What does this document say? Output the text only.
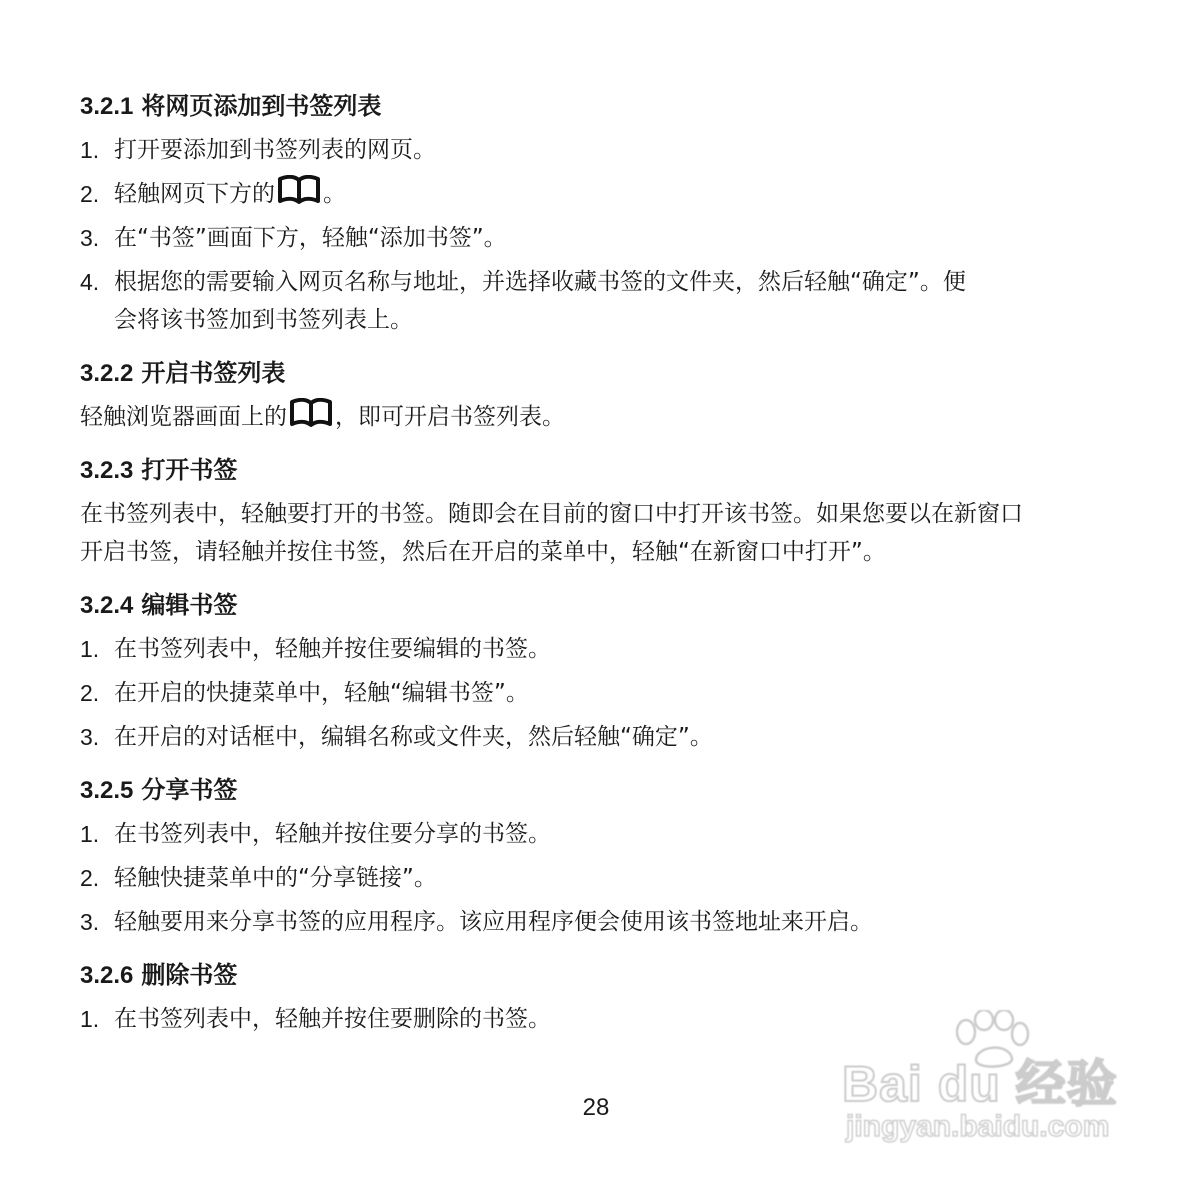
3.2.1 将网页添加到书签列表
1. 打开要添加到书签列表的网页。
2. 轻触网页下方的 。
3. 在“书签”画面下方，轻触“添加书签”。
4. 根据您的需要输入网页名称与地址，并选择收藏书签的文件夹，然后轻触“确定”。便
会将该书签加到书签列表上。
3.2.2 开启书签列表

轻触浏览器画面上的 ，即可开启书签列表。

3.2.3 打开书签

在书签列表中，轻触要打开的书签。随即会在目前的窗口中打开该书签。如果您要以在新窗口
开启书签，请轻触并按住书签，然后在开启的菜单中，轻触“在新窗口中打开”。

3.2.4 编辑书签
1. 在书签列表中，轻触并按住要编辑的书签。
2. 在开启的快捷菜单中，轻触“编辑书签”。
3. 在开启的对话框中，编辑名称或文件夹，然后轻触“确定”。
3.2.5 分享书签
1. 在书签列表中，轻触并按住要分享的书签。
2. 轻触快捷菜单中的“分享链接”。
3. 轻触要用来分享书签的应用程序。该应用程序便会使用该书签地址来开启。
3.2.6 删除书签
1. 在书签列表中，轻触并按住要删除的书签。
28	Bai du 经验
jingyan.baidu.com
